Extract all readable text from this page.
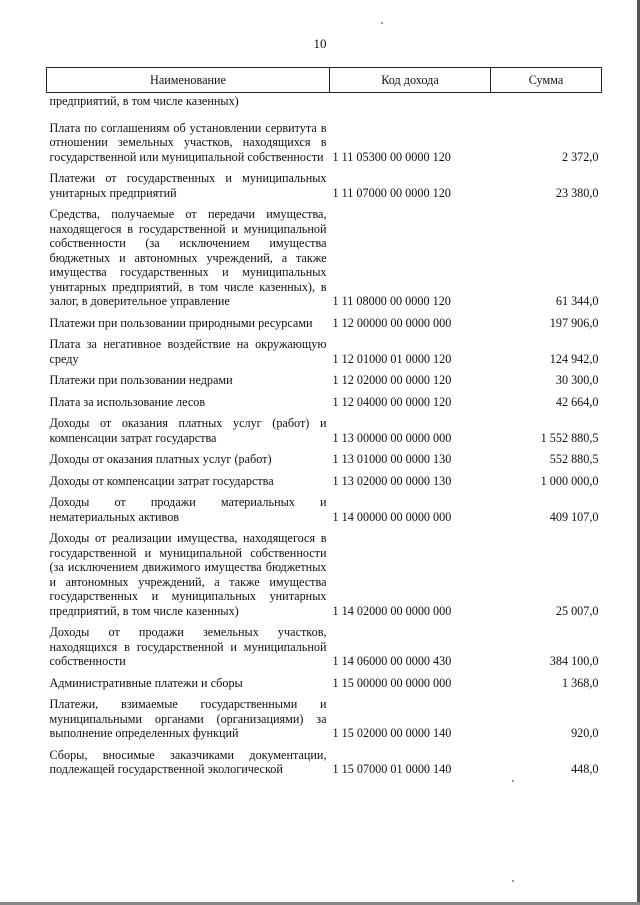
10
Наименование	Код дохода	Сумма
предприятий, в том числе казенных)		
Плата по соглашениям об установлении сервитута в отношении земельных участков, находящихся в государственной или муниципальной собственности	1 11 05300 00 0000 120	2 372,0
Платежи от государственных и муниципальных унитарных предприятий	1 11 07000 00 0000 120	23 380,0
Средства, получаемые от передачи имущества, находящегося в государственной и муниципальной собственности (за исключением имущества бюджетных и автономных учреждений, а также имущества государственных и муниципальных унитарных предприятий, в том числе казенных), в залог, в доверительное управление	1 11 08000 00 0000 120	61 344,0
Платежи при пользовании природными ресурсами	1 12 00000 00 0000 000	197 906,0
Плата за негативное воздействие на окружающую среду	1 12 01000 01 0000 120	124 942,0
Платежи при пользовании недрами	1 12 02000 00 0000 120	30 300,0
Плата за использование лесов	1 12 04000 00 0000 120	42 664,0
Доходы от оказания платных услуг (работ) и компенсации затрат государства	1 13 00000 00 0000 000	1 552 880,5
Доходы от оказания платных услуг (работ)	1 13 01000 00 0000 130	552 880,5
Доходы от компенсации затрат государства	1 13 02000 00 0000 130	1 000 000,0
Доходы от продажи материальных и нематериальных активов	1 14 00000 00 0000 000	409 107,0
Доходы от реализации имущества, находящегося в государственной и муниципальной собственности (за исключением движимого имущества бюджетных и автономных учреждений, а также имущества государственных и муниципальных унитарных предприятий, в том числе казенных)	1 14 02000 00 0000 000	25 007,0
Доходы от продажи земельных участков, находящихся в государственной и муниципальной собственности	1 14 06000 00 0000 430	384 100,0
Административные платежи и сборы	1 15 00000 00 0000 000	1 368,0
Платежи, взимаемые государственными и муниципальными органами (организациями) за выполнение определенных функций	1 15 02000 00 0000 140	920,0
Сборы, вносимые заказчиками документации, подлежащей государственной экологической	1 15 07000 01 0000 140	448,0
